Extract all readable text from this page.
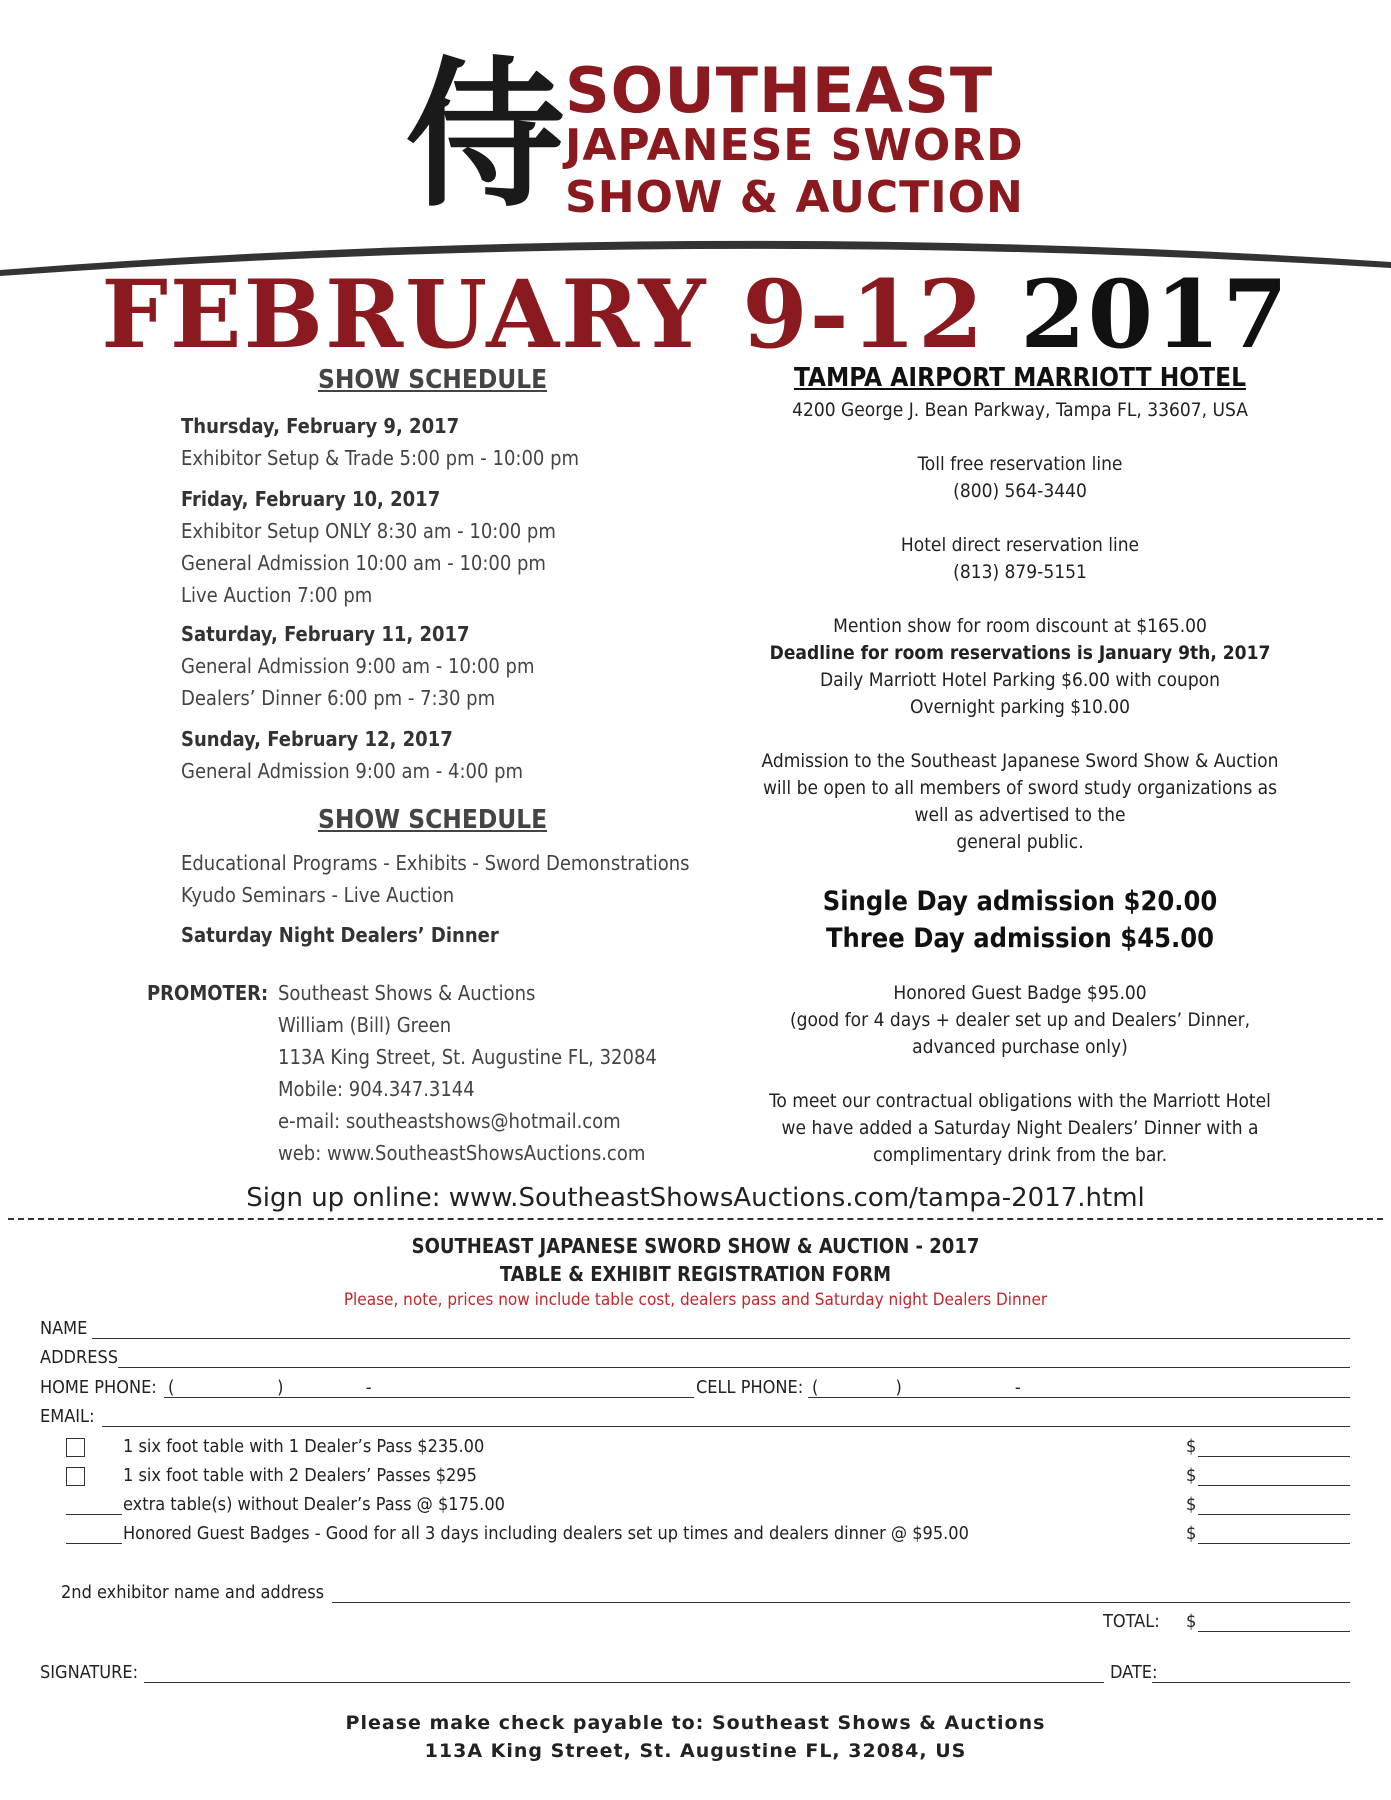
侍 SOUTHEAST
JAPANESE SWORD
SHOW & AUCTION
FEBRUARY 9-12 2017
SHOW SCHEDULE
Thursday, February 9, 2017
Exhibitor Setup & Trade 5:00 pm - 10:00 pm
Friday, February 10, 2017
Exhibitor Setup ONLY 8:30 am - 10:00 pm
General Admission 10:00 am - 10:00 pm
Live Auction 7:00 pm
Saturday, February 11, 2017
General Admission 9:00 am - 10:00 pm
Dealers’ Dinner 6:00 pm - 7:30 pm
Sunday, February 12, 2017
General Admission 9:00 am - 4:00 pm
SHOW SCHEDULE
Educational Programs - Exhibits - Sword Demonstrations
Kyudo Seminars - Live Auction
Saturday Night Dealers’ Dinner
PROMOTER: Southeast Shows & Auctions
William (Bill) Green
113A King Street, St. Augustine FL, 32084
Mobile: 904.347.3144
e-mail: southeastshows@hotmail.com
web: www.SoutheastShowsAuctions.com
TAMPA AIRPORT MARRIOTT HOTEL
4200 George J. Bean Parkway, Tampa FL, 33607, USA
Toll free reservation line
(800) 564-3440
Hotel direct reservation line
(813) 879-5151
Mention show for room discount at $165.00
Deadline for room reservations is January 9th, 2017
Daily Marriott Hotel Parking $6.00 with coupon
Overnight parking $10.00
Admission to the Southeast Japanese Sword Show & Auction
will be open to all members of sword study organizations as
well as advertised to the
general public.
Single Day admission $20.00
Three Day admission $45.00
Honored Guest Badge $95.00
(good for 4 days + dealer set up and Dealers’ Dinner,
advanced purchase only)
To meet our contractual obligations with the Marriott Hotel
we have added a Saturday Night Dealers’ Dinner with a
complimentary drink from the bar.
Sign up online: www.SoutheastShowsAuctions.com/tampa-2017.html
SOUTHEAST JAPANESE SWORD SHOW & AUCTION - 2017
TABLE & EXHIBIT REGISTRATION FORM
Please, note, prices now include table cost, dealers pass and Saturday night Dealers Dinner
NAME
ADDRESS
HOME PHONE: (                    )                -	CELL PHONE: (               )                      -
EMAIL:
1 six foot table with 1 Dealer’s Pass $235.00	$
1 six foot table with 2 Dealers’ Passes $295	$
extra table(s) without Dealer’s Pass @ $175.00	$
Honored Guest Badges - Good for all 3 days including dealers set up times and dealers dinner @ $95.00	$
2nd exhibitor name and address
TOTAL: $
SIGNATURE:	DATE:
Please make check payable to: Southeast Shows & Auctions
113A King Street, St. Augustine FL, 32084, US
